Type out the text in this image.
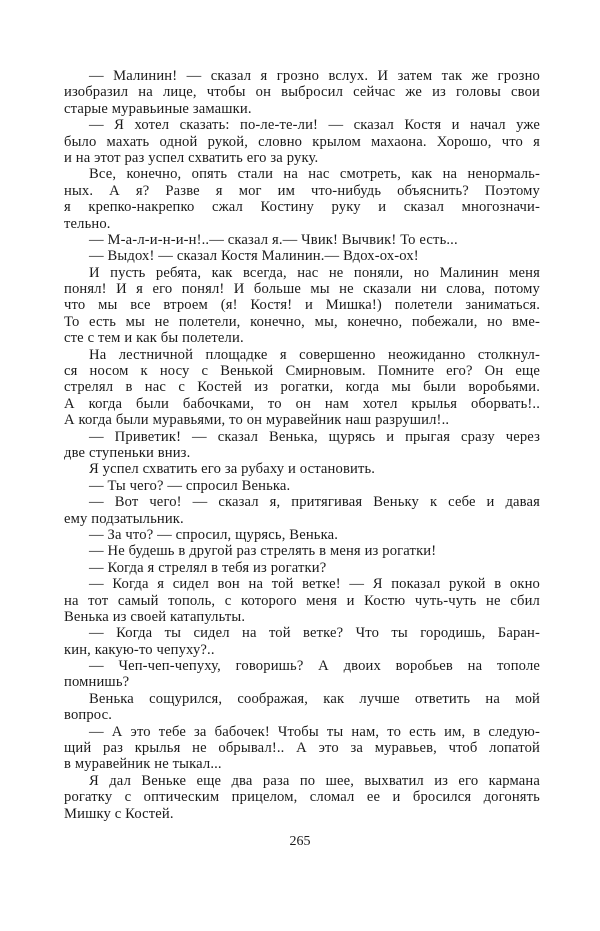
— Малинин! — сказал я грозно вслух. И затем так же грозно
изобразил на лице, чтобы он выбросил сейчас же из головы свои
старые муравьиные замашки.
— Я хотел сказать: по-ле-те-ли! — сказал Костя и начал уже
было махать одной рукой, словно крылом махаона. Хорошо, что я
и на этот раз успел схватить его за руку.
Все, конечно, опять стали на нас смотреть, как на ненормаль-
ных. А я? Разве я мог им что-нибудь объяснить? Поэтому
я крепко-накрепко сжал Костину руку и сказал многозначи-
тельно.
— М-а-л-и-н-и-н!..— сказал я.— Чвик! Вычвик! То есть...
— Выдох! — сказал Костя Малинин.— Вдох-ох-ох!
И пусть ребята, как всегда, нас не поняли, но Малинин меня
понял! И я его понял! И больше мы не сказали ни слова, потому
что мы все втроем (я! Костя! и Мишка!) полетели заниматься.
То есть мы не полетели, конечно, мы, конечно, побежали, но вме-
сте с тем и как бы полетели.
На лестничной площадке я совершенно неожиданно столкнул-
ся носом к носу с Венькой Смирновым. Помните его? Он еще
стрелял в нас с Костей из рогатки, когда мы были воробьями.
А когда были бабочками, то он нам хотел крылья оборвать!..
А когда были муравьями, то он муравейник наш разрушил!..
— Приветик! — сказал Венька, щурясь и прыгая сразу через
две ступеньки вниз.
Я успел схватить его за рубаху и остановить.
— Ты чего? — спросил Венька.
— Вот чего! — сказал я, притягивая Веньку к себе и давая
ему подзатыльник.
— За что? — спросил, щурясь, Венька.
— Не будешь в другой раз стрелять в меня из рогатки!
— Когда я стрелял в тебя из рогатки?
— Когда я сидел вон на той ветке! — Я показал рукой в окно
на тот самый тополь, с которого меня и Костю чуть-чуть не сбил
Венька из своей катапульты.
— Когда ты сидел на той ветке? Что ты городишь, Баран-
кин, какую-то чепуху?..
— Чеп-чеп-чепуху, говоришь? А двоих воробьев на тополе
помнишь?
Венька сощурился, соображая, как лучше ответить на мой
вопрос.
— А это тебе за бабочек! Чтобы ты нам, то есть им, в следую-
щий раз крылья не обрывал!.. А это за муравьев, чтоб лопатой
в муравейник не тыкал...
Я дал Веньке еще два раза по шее, выхватил из его кармана
рогатку с оптическим прицелом, сломал ее и бросился догонять
Мишку с Костей.
265
